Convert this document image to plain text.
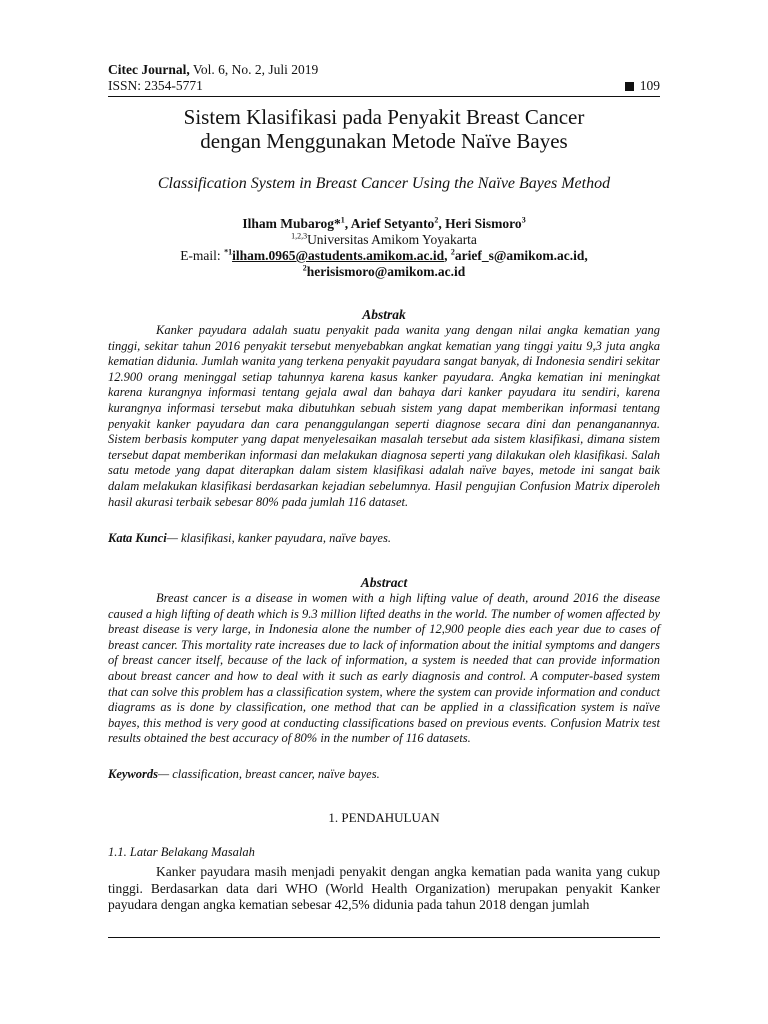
Citec Journal, Vol. 6, No. 2, Juli 2019
ISSN: 2354-5771	109
Sistem Klasifikasi pada Penyakit Breast Cancer
dengan Menggunakan Metode Naïve Bayes
Classification System in Breast Cancer Using the Naïve Bayes Method
Ilham Mubarog*$^1$, Arief Setyanto$^2$, Heri Sismoro$^3$
$^{1,2,3}$Universitas Amikom Yoyakarta
E-mail: $^{*1}$ilham.0965@astudents.amikom.ac.id, $^2$arief_s@amikom.ac.id,
$^2$herisismoro@amikom.ac.id
Abstrak

Kanker payudara adalah suatu penyakit pada wanita yang dengan nilai angka kematian yang tinggi, sekitar tahun 2016 penyakit tersebut menyebabkan angkat kematian yang tinggi yaitu 9,3 juta angka kematian didunia. Jumlah wanita yang terkena penyakit payudara sangat banyak, di Indonesia sendiri sekitar 12.900 orang meninggal setiap tahunnya karena kasus kanker payudara. Angka kematian ini meningkat karena kurangnya informasi tentang gejala awal dan bahaya dari kanker payudara itu sendiri, karena kurangnya informasi tersebut maka dibutuhkan sebuah sistem yang dapat memberikan informasi tentang penyakit kanker payudara dan cara penanggulangan seperti diagnose secara dini dan penanganannya. Sistem berbasis komputer yang dapat menyelesaikan masalah tersebut ada sistem klasifikasi, dimana sistem tersebut dapat memberikan informasi dan melakukan diagnosa seperti yang dilakukan oleh klasifikasi. Salah satu metode yang dapat diterapkan dalam sistem klasifikasi adalah naïve bayes, metode ini sangat baik dalam melakukan klasifikasi berdasarkan kejadian sebelumnya. Hasil pengujian Confusion Matrix diperoleh hasil akurasi terbaik sebesar 80% pada jumlah 116 dataset.

Kata Kunci— klasifikasi, kanker payudara, naïve bayes.
Abstract

Breast cancer is a disease in women with a high lifting value of death, around 2016 the disease caused a high lifting of death which is 9.3 million lifted deaths in the world. The number of women affected by breast disease is very large, in Indonesia alone the number of 12,900 people dies each year due to cases of breast cancer. This mortality rate increases due to lack of information about the initial symptoms and dangers of breast cancer itself, because of the lack of information, a system is needed that can provide information about breast cancer and how to deal with it such as early diagnosis and control. A computer-based system that can solve this problem has a classification system, where the system can provide information and conduct diagrams as is done by classification, one method that can be applied in a classification system is naïve bayes, this method is very good at conducting classifications based on previous events. Confusion Matrix test results obtained the best accuracy of 80% in the number of 116 datasets.

Keywords— classification, breast cancer, naïve bayes.
1. PENDAHULUAN
1.1. Latar Belakang Masalah

Kanker payudara masih menjadi penyakit dengan angka kematian pada wanita yang cukup tinggi. Berdasarkan data dari WHO (World Health Organization) merupakan penyakit Kanker payudara dengan angka kematian sebesar 42,5% didunia pada tahun 2018 dengan jumlah
